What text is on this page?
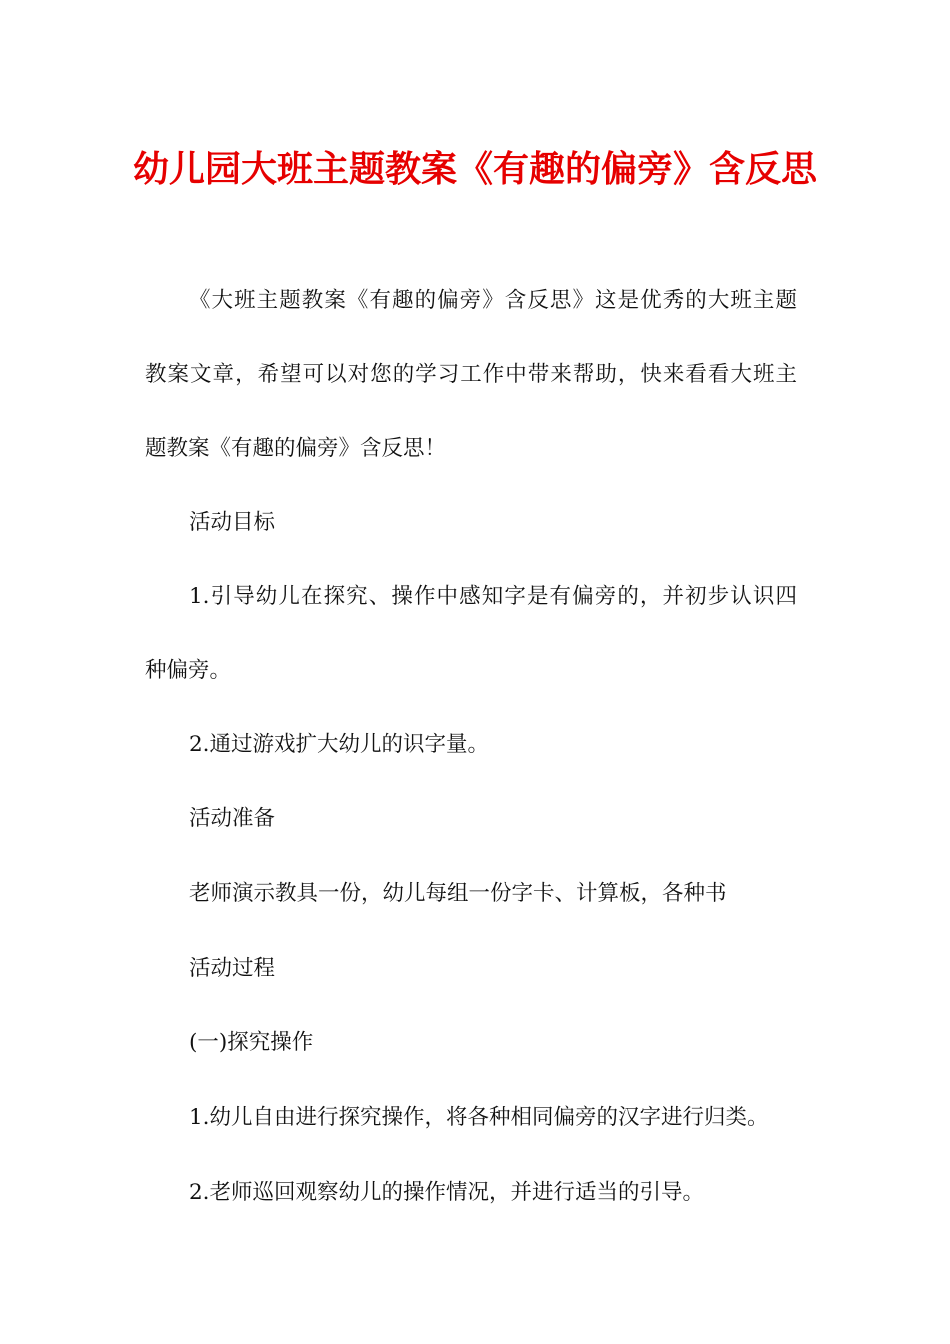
幼儿园大班主题教案《有趣的偏旁》含反思
《大班主题教案《有趣的偏旁》含反思》这是优秀的大班主题
教案文章，希望可以对您的学习工作中带来帮助，快来看看大班主
题教案《有趣的偏旁》含反思！
活动目标
1.引导幼儿在探究、操作中感知字是有偏旁的，并初步认识四
种偏旁。
2.通过游戏扩大幼儿的识字量。
活动准备
老师演示教具一份，幼儿每组一份字卡、计算板，各种书
活动过程
(一)探究操作
1.幼儿自由进行探究操作，将各种相同偏旁的汉字进行归类。
2.老师巡回观察幼儿的操作情况，并进行适当的引导。
